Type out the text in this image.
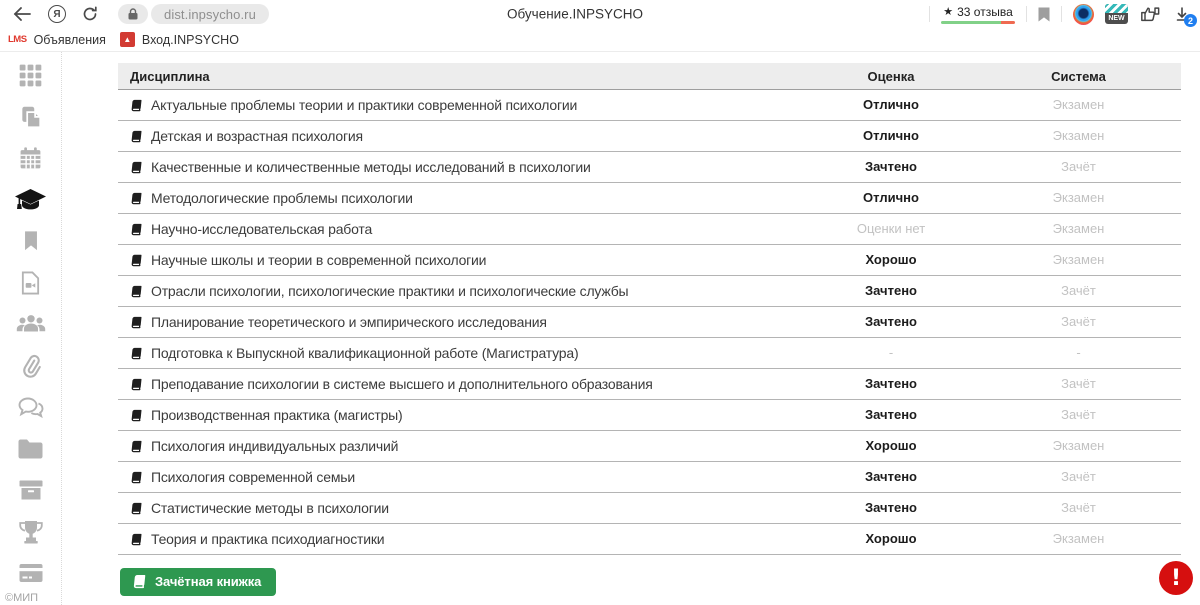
Я	dist.inpsycho.ru	Обучение.INPSYCHO	★ 33 отзыва	NEW	2
LMS Объявления	▲ Вход.INPSYCHO
©МИП
Дисциплина	Оценка	Система
Актуальные проблемы теории и практики современной психологии	Отлично	Экзамен
Детская и возрастная психология	Отлично	Экзамен
Качественные и количественные методы исследований в психологии	Зачтено	Зачёт
Методологические проблемы психологии	Отлично	Экзамен
Научно-исследовательская работа	Оценки нет	Экзамен
Научные школы и теории в современной психологии	Хорошо	Экзамен
Отрасли психологии, психологические практики и психологические службы	Зачтено	Зачёт
Планирование теоретического и эмпирического исследования	Зачтено	Зачёт
Подготовка к Выпускной квалификационной работе (Магистратура)	-	-
Преподавание психологии в системе высшего и дополнительного образования	Зачтено	Зачёт
Производственная практика (магистры)	Зачтено	Зачёт
Психология индивидуальных различий	Хорошо	Экзамен
Психология современной семьи	Зачтено	Зачёт
Статистические методы в психологии	Зачтено	Зачёт
Теория и практика психодиагностики	Хорошо	Экзамен
Зачётная книжка	!
